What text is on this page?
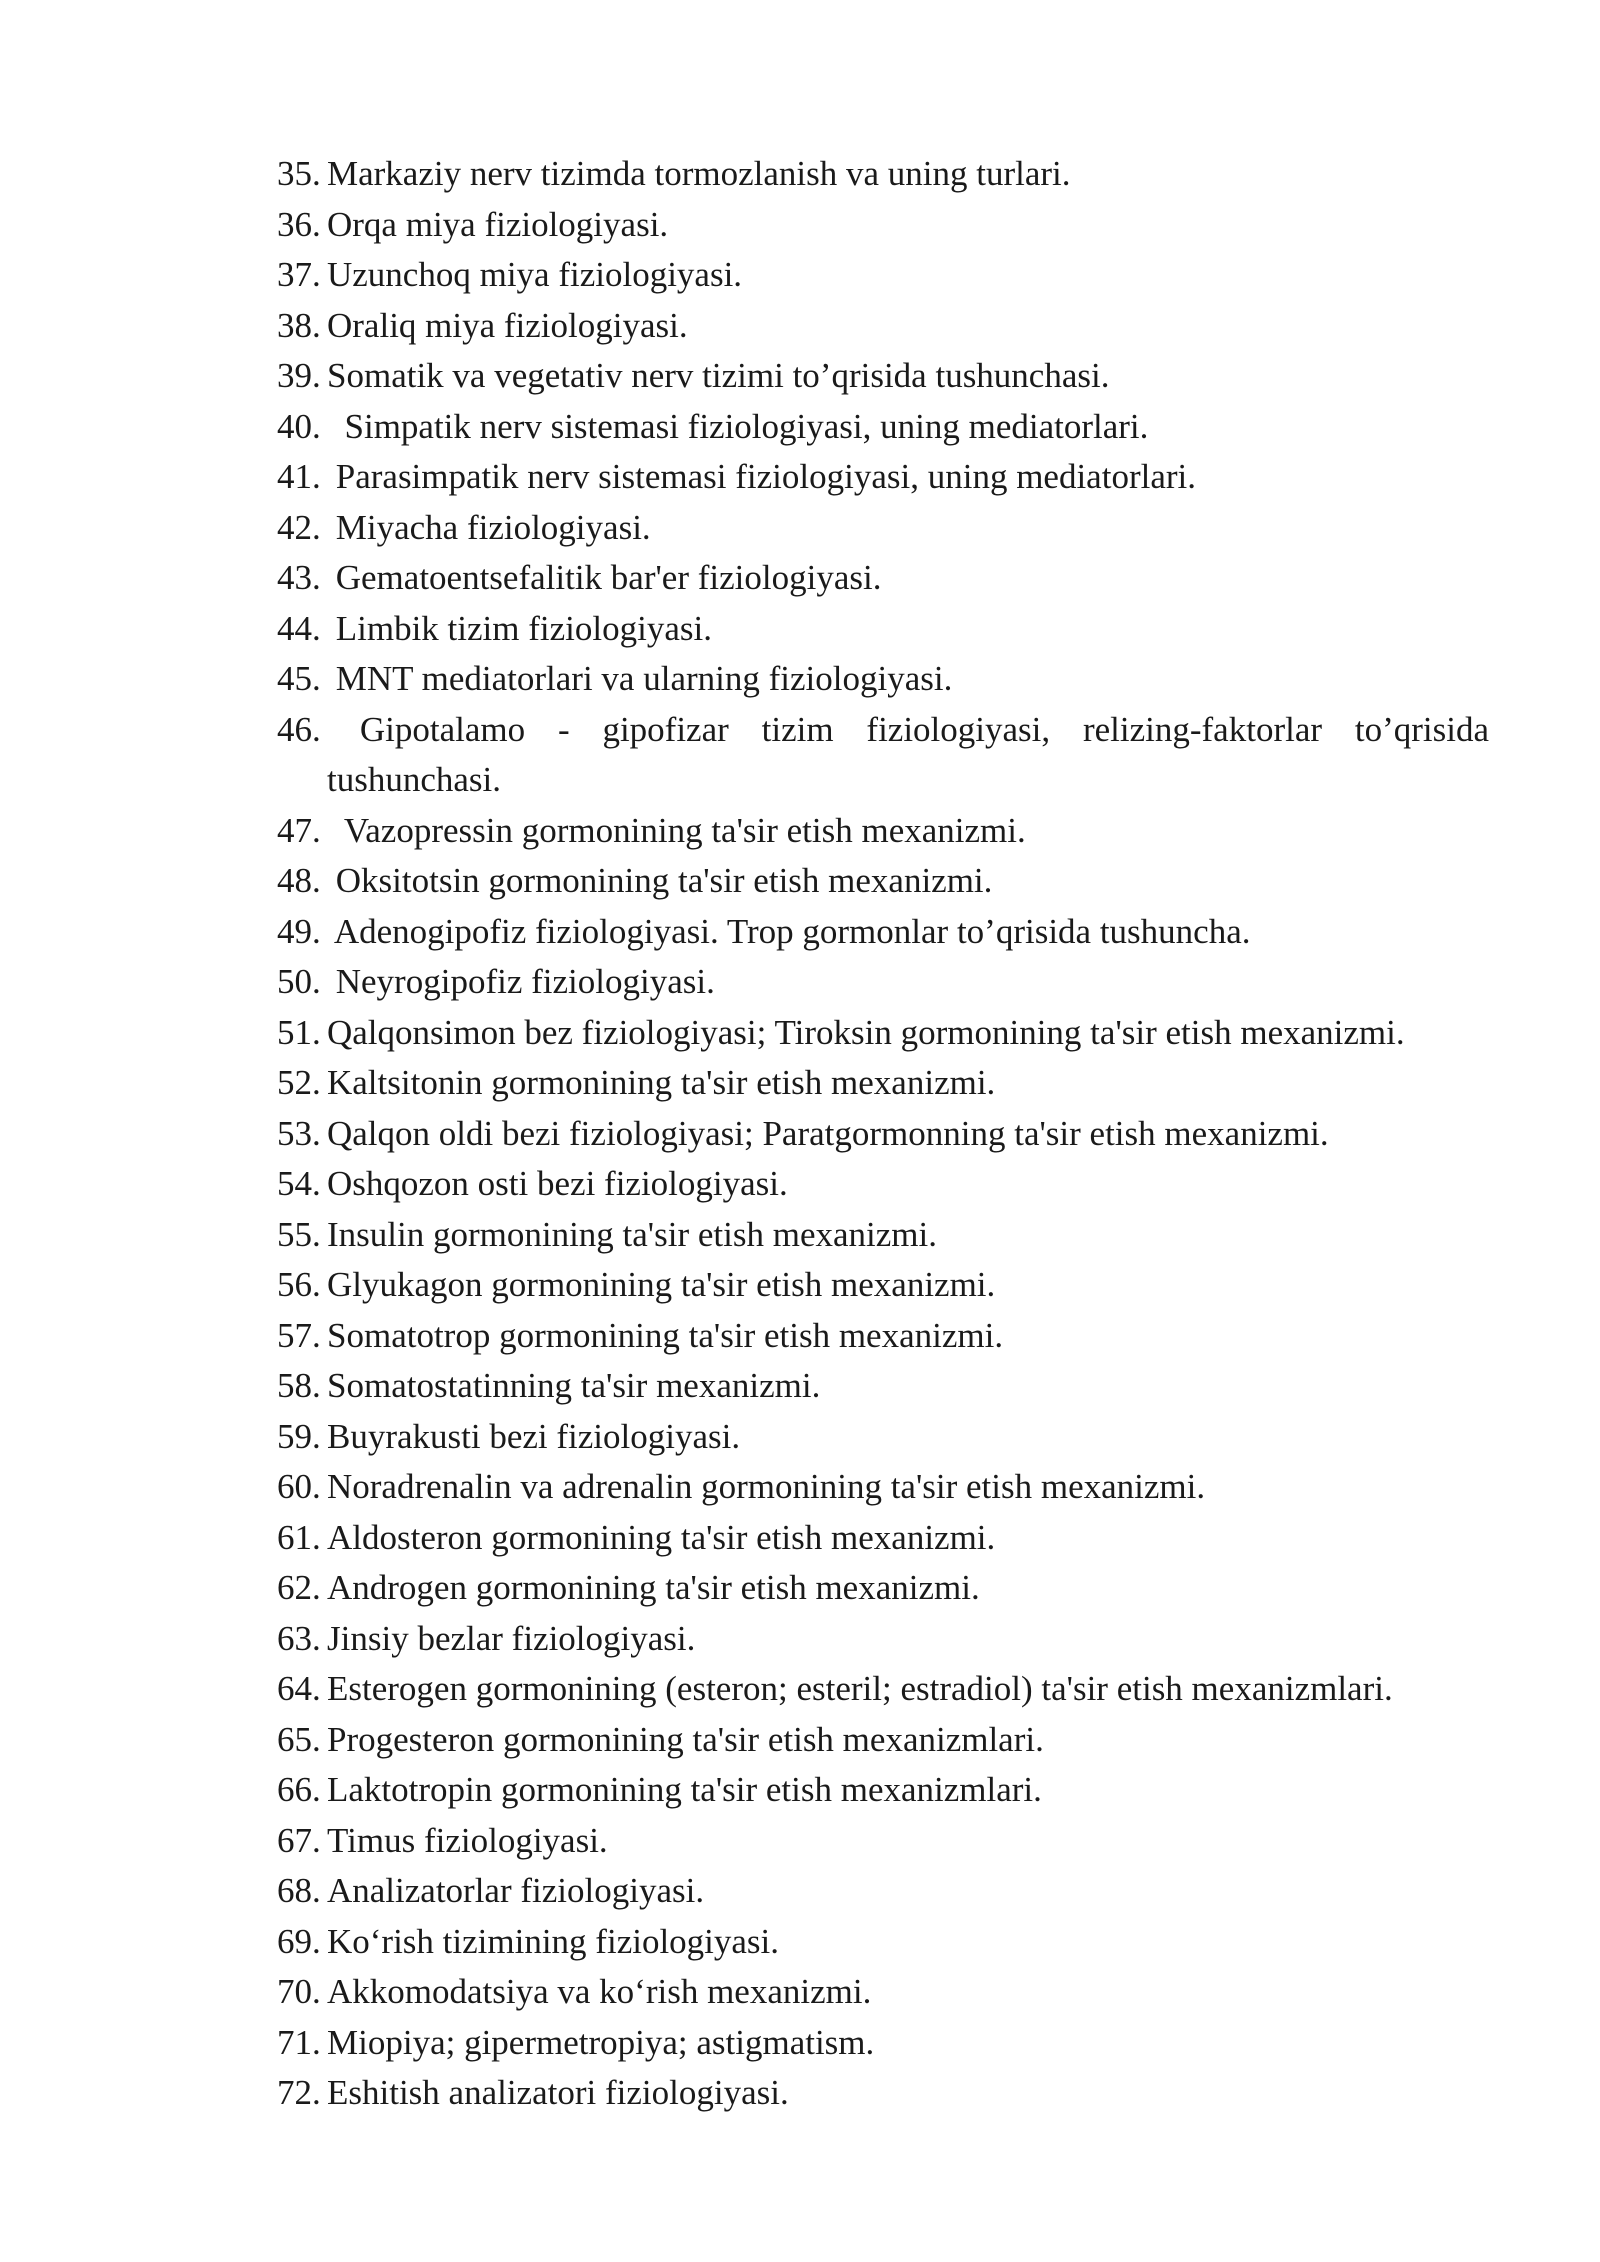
35. Markaziy nerv tizimda tormozlanish va uning turlari.
36. Orqa miya fiziologiyasi.
37. Uzunchoq miya fiziologiyasi.
38. Oraliq miya fiziologiyasi.
39. Somatik va vegetativ nerv tizimi to’qrisida tushunchasi.
40. Simpatik nerv sistemasi fiziologiyasi, uning mediatorlari.
41. Parasimpatik nerv sistemasi fiziologiyasi, uning mediatorlari.
42. Miyacha fiziologiyasi.
43. Gematoentsefalitik bar'er fiziologiyasi.
44. Limbik tizim fiziologiyasi.
45. MNT mediatorlari va ularning fiziologiyasi.
46. Gipotalamo - gipofizar tizim fiziologiyasi, relizing-faktorlar to’qrisida
tushunchasi.
47. Vazopressin gormonining ta'sir etish mexanizmi.
48. Oksitotsin gormonining ta'sir etish mexanizmi.
49. Adenogipofiz fiziologiyasi. Trop gormonlar to’qrisida tushuncha.
50. Neyrogipofiz fiziologiyasi.
51. Qalqonsimon bez fiziologiyasi; Tiroksin gormonining ta'sir etish mexanizmi.
52. Kaltsitonin gormonining ta'sir etish mexanizmi.
53. Qalqon oldi bezi fiziologiyasi; Paratgormonning ta'sir etish mexanizmi.
54. Oshqozon osti bezi fiziologiyasi.
55. Insulin gormonining ta'sir etish mexanizmi.
56. Glyukagon gormonining ta'sir etish mexanizmi.
57. Somatotrop gormonining ta'sir etish mexanizmi.
58. Somatostatinning ta'sir mexanizmi.
59. Buyrakusti bezi fiziologiyasi.
60. Noradrenalin va adrenalin gormonining ta'sir etish mexanizmi.
61. Aldosteron gormonining ta'sir etish mexanizmi.
62. Androgen gormonining ta'sir etish mexanizmi.
63. Jinsiy bezlar fiziologiyasi.
64. Esterogen gormonining (esteron; esteril; estradiol) ta'sir etish mexanizmlari.
65. Progesteron gormonining ta'sir etish mexanizmlari.
66. Laktotropin gormonining ta'sir etish mexanizmlari.
67. Timus fiziologiyasi.
68. Analizatorlar fiziologiyasi.
69. Ko‘rish tizimining fiziologiyasi.
70. Akkomodatsiya va ko‘rish mexanizmi.
71. Miopiya; gipermetropiya; astigmatism.
72. Eshitish analizatori fiziologiyasi.
